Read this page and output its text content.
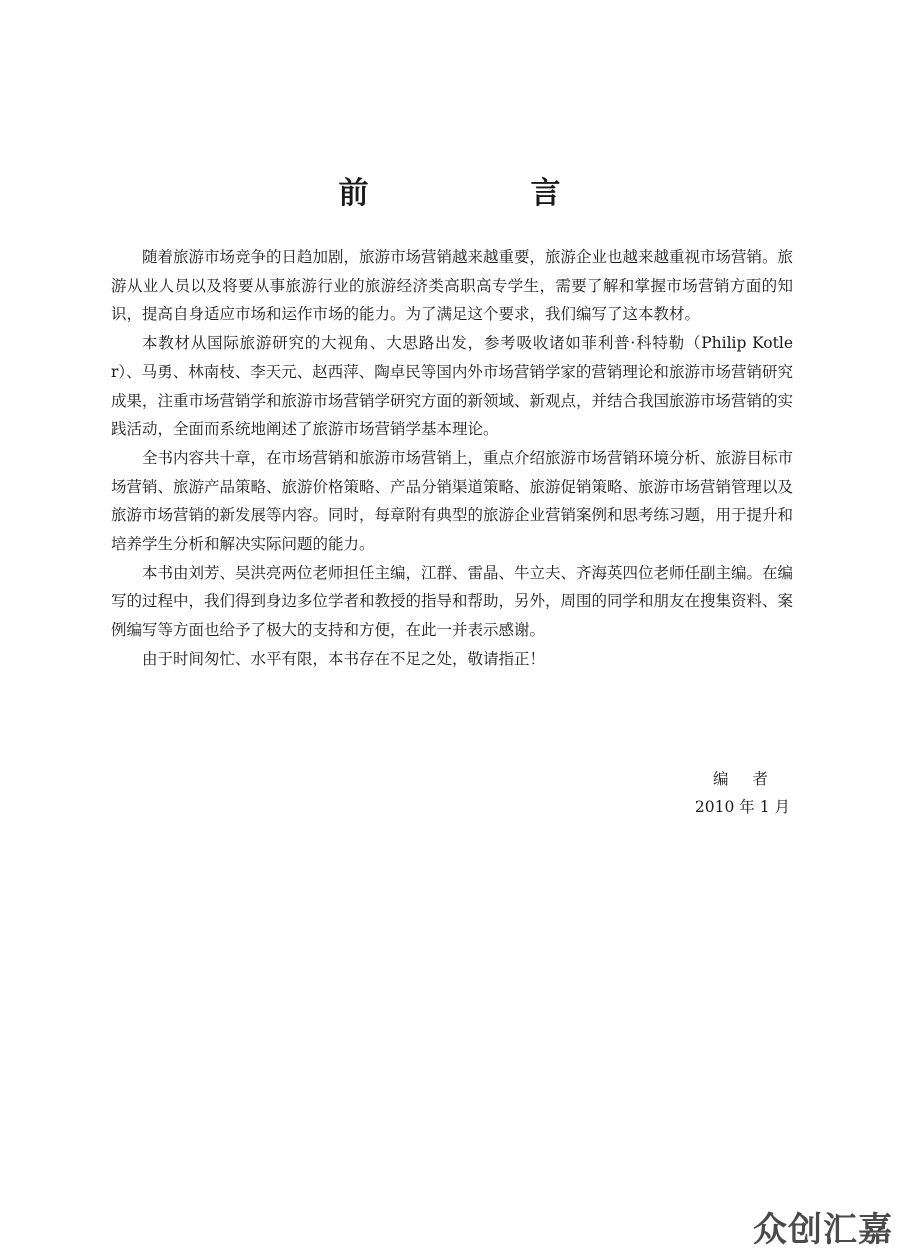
前　言

随着旅游市场竞争的日趋加剧，旅游市场营销越来越重要，旅游企业也越来越重视市场营销。旅游从业人员以及将要从事旅游行业的旅游经济类高职高专学生，需要了解和掌握市场营销方面的知识，提高自身适应市场和运作市场的能力。为了满足这个要求，我们编写了这本教材。

本教材从国际旅游研究的大视角、大思路出发，参考吸收诸如菲利普·科特勒（Philip Kotler）、马勇、林南枝、李天元、赵西萍、陶卓民等国内外市场营销学家的营销理论和旅游市场营销研究成果，注重市场营销学和旅游市场营销学研究方面的新领域、新观点，并结合我国旅游市场营销的实践活动，全面而系统地阐述了旅游市场营销学基本理论。

全书内容共十章，在市场营销和旅游市场营销上，重点介绍旅游市场营销环境分析、旅游目标市场营销、旅游产品策略、旅游价格策略、产品分销渠道策略、旅游促销策略、旅游市场营销管理以及旅游市场营销的新发展等内容。同时，每章附有典型的旅游企业营销案例和思考练习题，用于提升和培养学生分析和解决实际问题的能力。

本书由刘芳、吴洪亮两位老师担任主编，江群、雷晶、牛立夫、齐海英四位老师任副主编。在编写的过程中，我们得到身边多位学者和教授的指导和帮助，另外，周围的同学和朋友在搜集资料、案例编写等方面也给予了极大的支持和方便，在此一并表示感谢。

由于时间匆忙、水平有限，本书存在不足之处，敬请指正！

编者
2010 年 1 月
众创汇嘉
